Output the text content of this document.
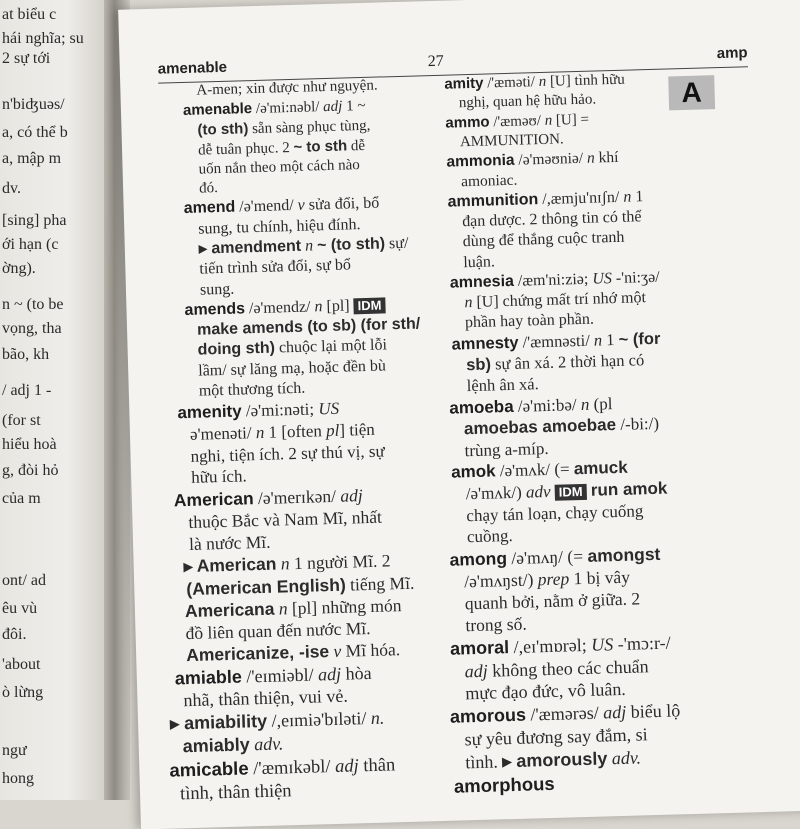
at biểu c
hái nghĩa; su
2 sự tới
n'biʤuəs/
a, có thể b
a, mập m
dv.
[sing] pha
ới hạn (c
ờng).
n ~ (to be
vọng, tha
bão, kh
/ adj 1 -
(for st
hiểu hoà
g, đòi hỏ
của m
ont/ ad
êu vù
đôi.
'about
ò lừng
ngư
hong
amenable	27	amp
A
A-men; xin được như nguyện.
amenable /ə'mi:nəbl/ adj 1 ~
(to sth) sẵn sàng phục tùng,
dễ tuân phục. 2 ~ to sth dễ
uốn nắn theo một cách nào
đó.
amend /ə'mend/ v sửa đổi, bổ
sung, tu chính, hiệu đính.
▸ amendment n ~ (to sth) sự/
tiến trình sửa đổi, sự bổ
sung.
amends /ə'mendz/ n [pl] IDM
make amends (to sb) (for sth/
doing sth) chuộc lại một lỗi
lầm/ sự lăng mạ, hoặc đền bù
một thương tích.
amenity /ə'mi:nəti; US
ə'menəti/ n 1 [often pl] tiện
nghi, tiện ích. 2 sự thú vị, sự
hữu ích.
American /ə'merɪkən/ adj
thuộc Bắc và Nam Mĩ, nhất
là nước Mĩ.
▸ American n 1 người Mĩ. 2
(American English) tiếng Mĩ.
Americana n [pl] những món
đồ liên quan đến nước Mĩ.
Americanize, -ise v Mĩ hóa.
amiable /'eɪmiəbl/ adj hòa
nhã, thân thiện, vui vẻ.
▸ amiability /,eɪmiə'bɪləti/ n.
amiably adv.
amicable /'æmɪkəbl/ adj thân
tình, thân thiện
amity /'æməti/ n [U] tình hữu
nghị, quan hệ hữu hảo.
ammo /'æməʊ/ n [U] =
AMMUNITION.
ammonia /ə'məʊniə/ n khí
amoniac.
ammunition /,æmju'nɪʃn/ n 1
đạn dược. 2 thông tin có thể
dùng để thắng cuộc tranh
luận.
amnesia /æm'ni:ziə; US -'ni:ʒə/
n [U] chứng mất trí nhớ một
phần hay toàn phần.
amnesty /'æmnəsti/ n 1 ~ (for
sb) sự ân xá. 2 thời hạn có
lệnh ân xá.
amoeba /ə'mi:bə/ n (pl
amoebas amoebae /-bi:/)
trùng a-míp.
amok /ə'mʌk/ (= amuck
/ə'mʌk/) adv IDM run amok
chạy tán loạn, chạy cuống
cuồng.
among /ə'mʌŋ/ (= amongst
/ə'mʌŋst/) prep 1 bị vây
quanh bởi, nằm ở giữa. 2
trong số.
amoral /,eɪ'mɒrəl; US -'mɔ:r-/
adj không theo các chuẩn
mực đạo đức, vô luân.
amorous /'æmərəs/ adj biểu lộ
sự yêu đương say đắm, si
tình. ▸ amorously adv.
amorphous
